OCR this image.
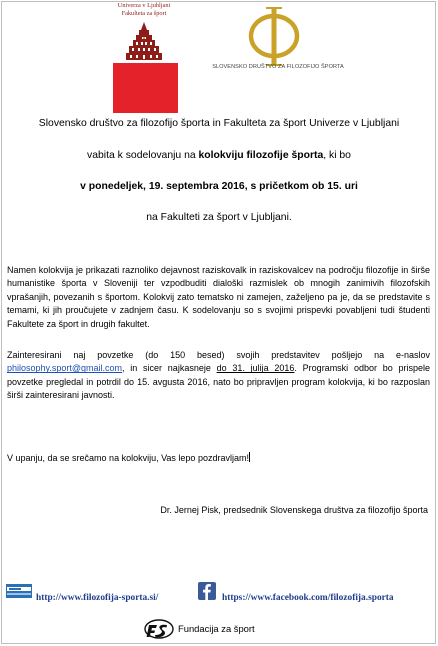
Univerza v Ljubljani
Fakulteta za šport
SLOVENSKO DRUŠTVO ZA FILOZOFIJO ŠPORTA
Slovensko društvo za filozofijo športa in Fakulteta za šport Univerze v Ljubljani
vabita k sodelovanju na kolokviju filozofije športa, ki bo
v ponedeljek, 19. septembra 2016, s pričetkom ob 15. uri
na Fakulteti za šport v Ljubljani.
Namen kolokvija je prikazati raznoliko dejavnost raziskovalk in raziskovalcev na področju filozofije in širše humanistike športa v Sloveniji ter vzpodbuditi dialoški razmislek ob mnogih zanimivih filozofskih vprašanjih, povezanih s športom. Kolokvij zato tematsko ni zamejen, zaželjeno pa je, da se predstavite s temami, ki jih proučujete v zadnjem času. K sodelovanju so s svojimi prispevki povabljeni tudi študenti Fakultete za šport in drugih fakultet.
Zainteresirani naj povzetke (do 150 besed) svojih predstavitev pošljejo na e-naslov philosophy.sport@gmail.com, in sicer najkasneje do 31. julija 2016. Programski odbor bo prispele povzetke pregledal in potrdil do 15. avgusta 2016, nato bo pripravljen program kolokvija, ki bo razposlan širši zainteresirani javnosti.
V upanju, da se srečamo na kolokviju, Vas lepo pozdravljam!
Dr. Jernej Pisk, predsednik Slovenskega društva za filozofijo športa
http://www.filozofija-sporta.si/	https://www.facebook.com/filozofija.sporta
Fundacija za šport
